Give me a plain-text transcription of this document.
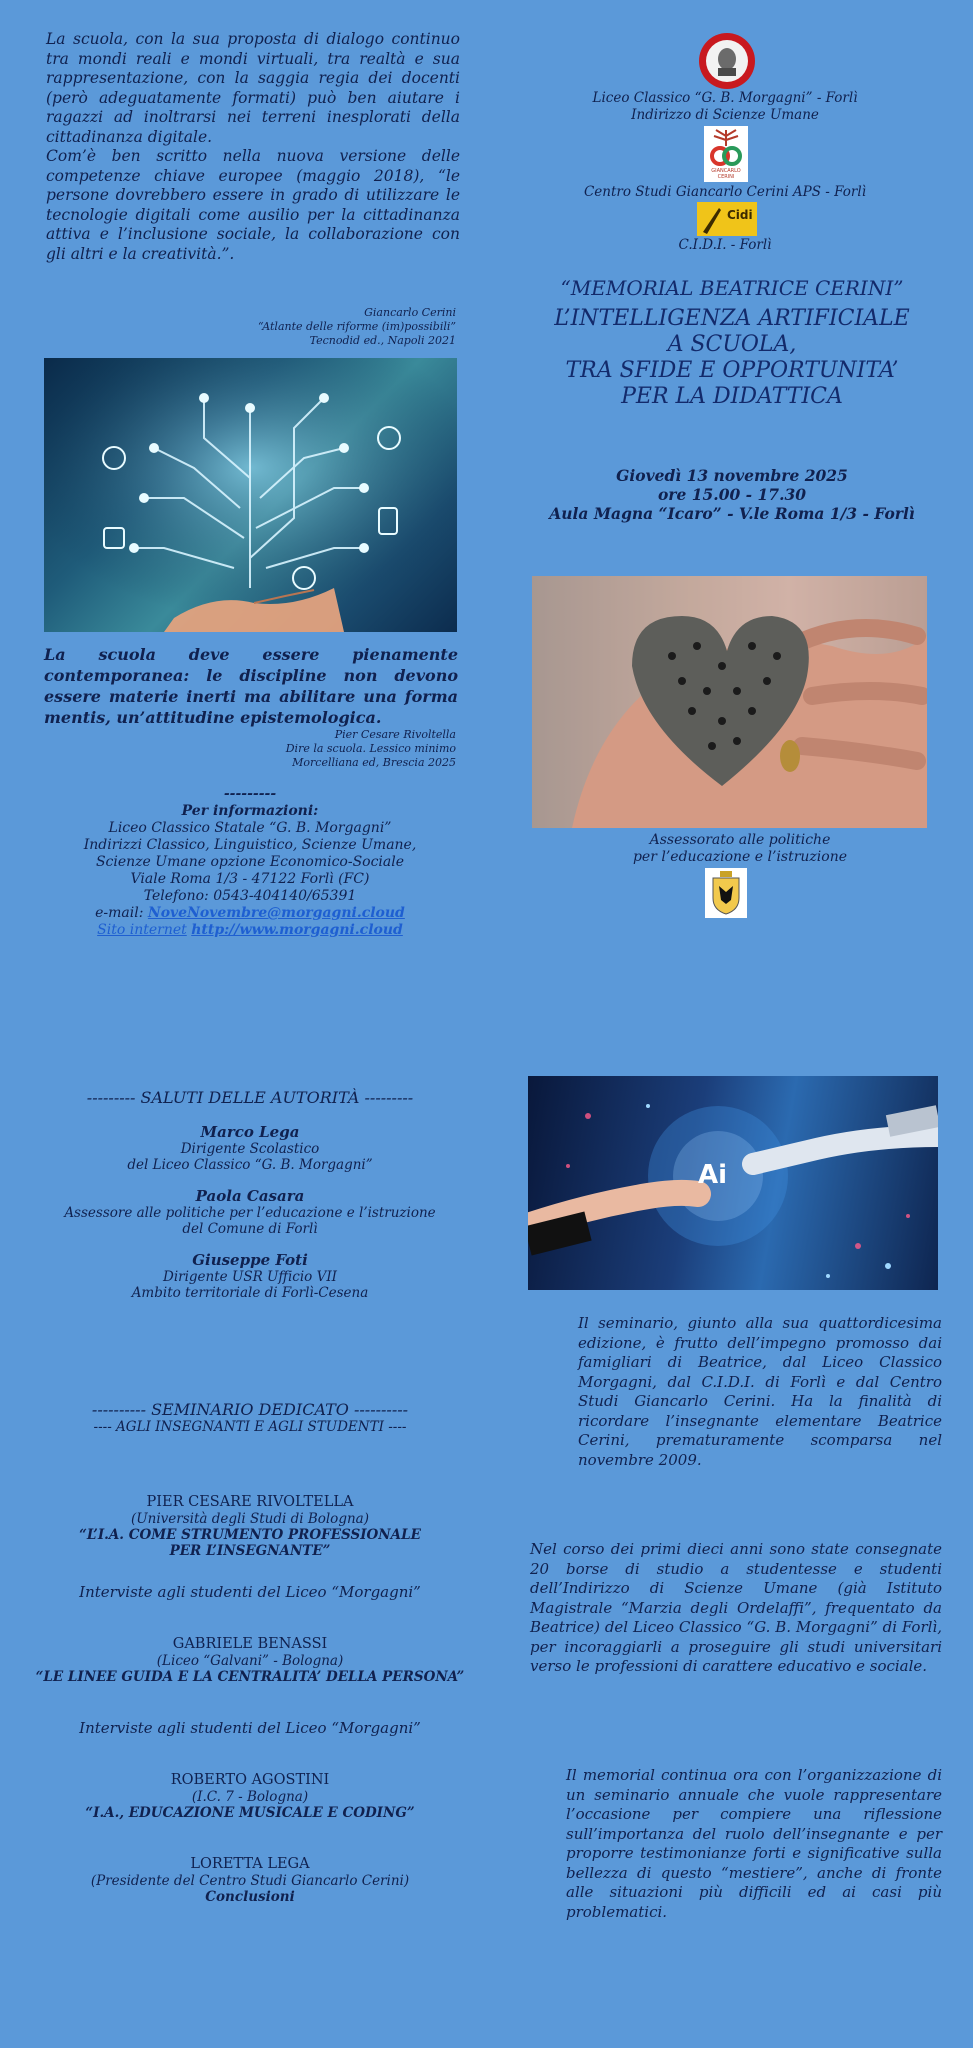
La scuola, con la sua proposta di dialogo continuo tra mondi reali e mondi virtuali, tra realtà e sua rappresentazione, con la saggia regia dei docenti (però adeguatamente formati) può ben aiutare i ragazzi ad inoltrarsi nei terreni inesplorati della cittadinanza digitale.

Com’è ben scritto nella nuova versione delle competenze chiave europee (maggio 2018), “le persone dovrebbero essere in grado di utilizzare le tecnologie digitali come ausilio per la cittadinanza attiva e l’inclusione sociale, la collaborazione con gli altri e la creatività.”.

Giancarlo Cerini
“Atlante delle riforme (im)possibili”
Tecnodid ed., Napoli 2021
La scuola deve essere pienamente contemporanea: le discipline non devono essere materie inerti ma abilitare una forma mentis, un’attitudine epistemologica.
Pier Cesare Rivoltella
Dire la scuola. Lessico minimo
Morcelliana ed, Brescia 2025
---------
Per informazioni:
Liceo Classico Statale “G. B. Morgagni”
Indirizzi Classico, Linguistico, Scienze Umane,
Scienze Umane opzione Economico-Sociale
Viale Roma 1/3 - 47122 Forlì (FC)
Telefono: 0543-404140/65391
e-mail: NoveNovembre@morgagni.cloud
Sito internet http://www.morgagni.cloud
Liceo Classico “G. B. Morgagni” - Forlì
Indirizzo di Scienze Umane
Centro Studi Giancarlo Cerini APS - Forlì
C.I.D.I. - Forlì
GIANCARLO CERINI
Cidi
“MEMORIAL BEATRICE CERINI”
L’INTELLIGENZA ARTIFICIALE
A SCUOLA,
TRA SFIDE E OPPORTUNITA’
PER LA DIDATTICA
Giovedì 13 novembre 2025
ore 15.00 - 17.30
Aula Magna “Icaro” - V.le Roma 1/3 - Forlì
Assessorato alle politiche
per l’educazione e l’istruzione
--------- SALUTI DELLE AUTORITÀ ---------
Marco Lega
Dirigente Scolastico
del Liceo Classico “G. B. Morgagni”
Paola Casara
Assessore alle politiche per l’educazione e l’istruzione
del Comune di Forlì
Giuseppe Foti
Dirigente USR Ufficio VII
Ambito territoriale di Forlì-Cesena
---------- SEMINARIO DEDICATO ----------
---- AGLI INSEGNANTI E AGLI STUDENTI ----
PIER CESARE RIVOLTELLA
(Università degli Studi di Bologna)
“L’I.A. COME STRUMENTO PROFESSIONALE
PER L’INSEGNANTE”
Interviste agli studenti del Liceo “Morgagni”
GABRIELE BENASSI
(Liceo “Galvani” - Bologna)
“LE LINEE GUIDA E LA CENTRALITA’ DELLA PERSONA”
Interviste agli studenti del Liceo “Morgagni”
ROBERTO AGOSTINI
(I.C. 7 - Bologna)
“I.A., EDUCAZIONE MUSICALE E CODING”
LORETTA LEGA
(Presidente del Centro Studi Giancarlo Cerini)
Conclusioni
Ai
Il seminario, giunto alla sua quattordicesima edizione, è frutto dell’impegno promosso dai famigliari di Beatrice, dal Liceo Classico Morgagni, dal C.I.D.I. di Forlì e dal Centro Studi Giancarlo Cerini. Ha la finalità di ricordare l’insegnante elementare Beatrice Cerini, prematuramente scomparsa nel novembre 2009.
Nel corso dei primi dieci anni sono state consegnate 20 borse di studio a studentesse e studenti dell’Indirizzo di Scienze Umane (già Istituto Magistrale “Marzia degli Ordelaffi”, frequentato da Beatrice) del Liceo Classico “G. B. Morgagni” di Forlì, per incoraggiarli a proseguire gli studi universitari verso le professioni di carattere educativo e sociale.
Il memorial continua ora con l’organizzazione di un seminario annuale che vuole rappresentare l’occasione per compiere una riflessione sull’importanza del ruolo dell’insegnante e per proporre testimonianze forti e significative sulla bellezza di questo “mestiere”, anche di fronte alle situazioni più difficili ed ai casi più problematici.
